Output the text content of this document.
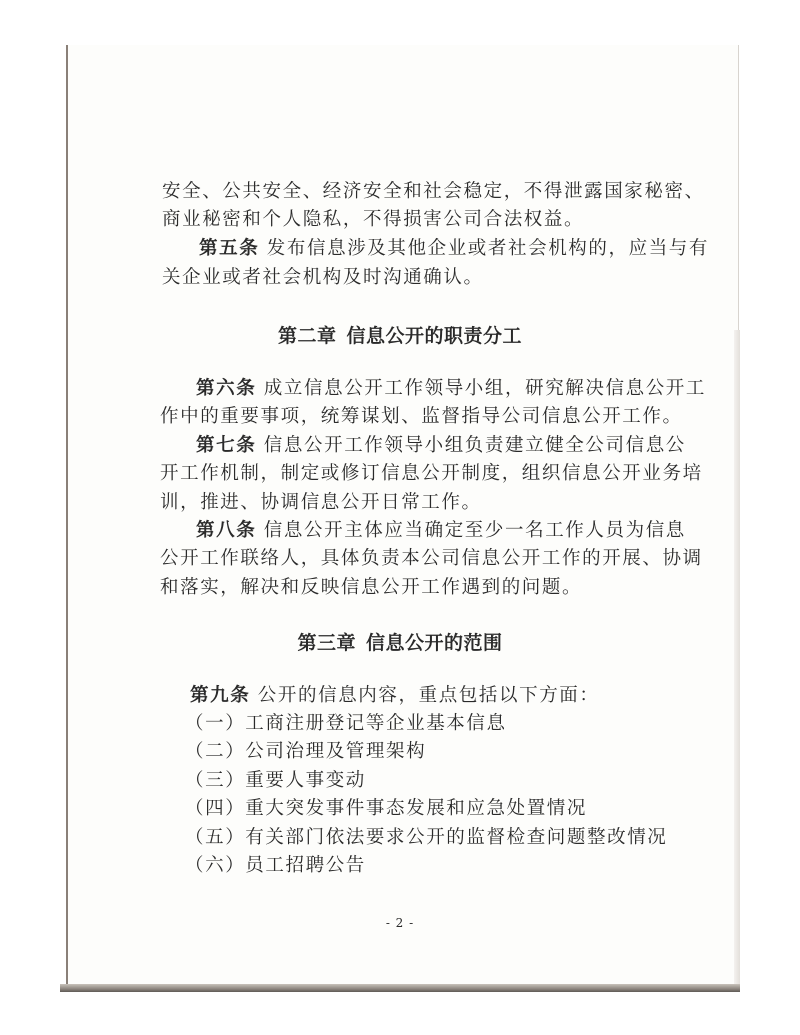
安全、公共安全、经济安全和社会稳定，不得泄露国家秘密、
商业秘密和个人隐私，不得损害公司合法权益。
第五条 发布信息涉及其他企业或者社会机构的，应当与有
关企业或者社会机构及时沟通确认。
第二章 信息公开的职责分工
第六条 成立信息公开工作领导小组，研究解决信息公开工
作中的重要事项，统筹谋划、监督指导公司信息公开工作。
第七条 信息公开工作领导小组负责建立健全公司信息公
开工作机制，制定或修订信息公开制度，组织信息公开业务培
训，推进、协调信息公开日常工作。
第八条 信息公开主体应当确定至少一名工作人员为信息
公开工作联络人，具体负责本公司信息公开工作的开展、协调
和落实，解决和反映信息公开工作遇到的问题。
第三章 信息公开的范围
第九条 公开的信息内容，重点包括以下方面：
（一）工商注册登记等企业基本信息
（二）公司治理及管理架构
（三）重要人事变动
（四）重大突发事件事态发展和应急处置情况
（五）有关部门依法要求公开的监督检查问题整改情况
（六）员工招聘公告
- 2 -
